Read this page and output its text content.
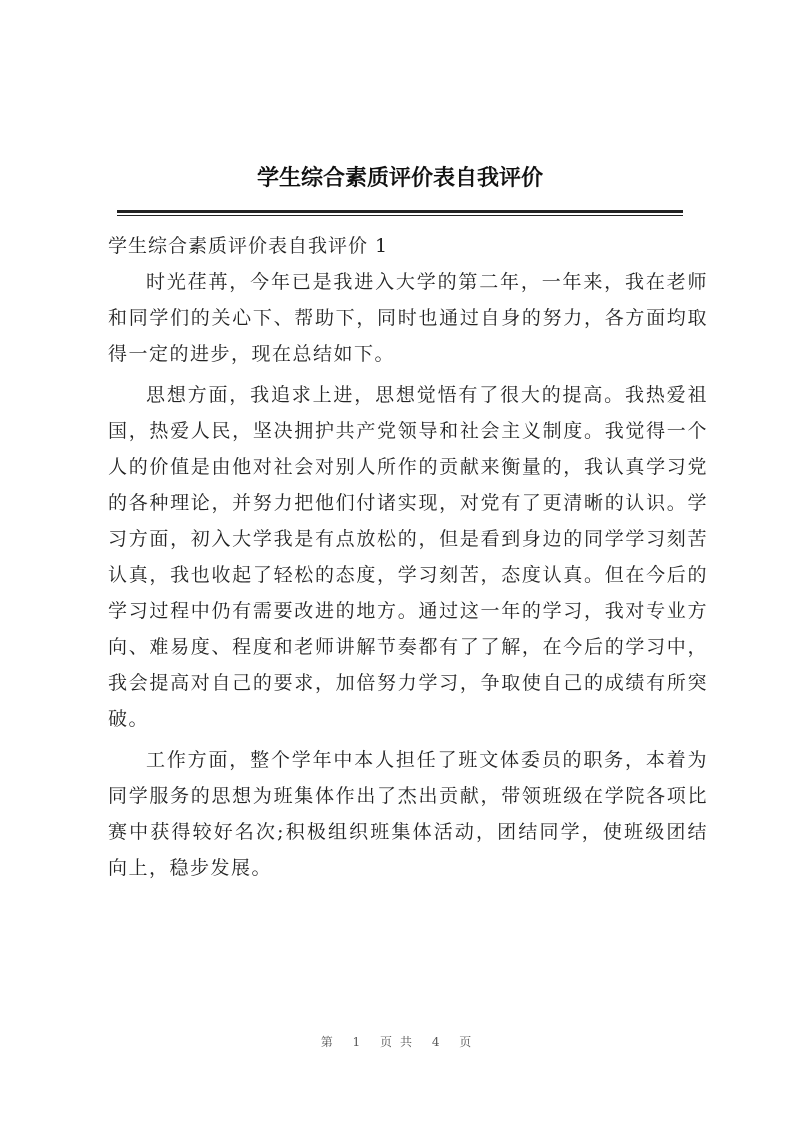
学生综合素质评价表自我评价
学生综合素质评价表自我评价 1

时光荏苒，今年已是我进入大学的第二年，一年来，我在老师和同学们的关心下、帮助下，同时也通过自身的努力，各方面均取得一定的进步，现在总结如下。

思想方面，我追求上进，思想觉悟有了很大的提高。我热爱祖国，热爱人民，坚决拥护共产党领导和社会主义制度。我觉得一个人的价值是由他对社会对别人所作的贡献来衡量的，我认真学习党的各种理论，并努力把他们付诸实现，对党有了更清晰的认识。学习方面，初入大学我是有点放松的，但是看到身边的同学学习刻苦认真，我也收起了轻松的态度，学习刻苦，态度认真。但在今后的学习过程中仍有需要改进的地方。通过这一年的学习，我对专业方向、难易度、程度和老师讲解节奏都有了了解，在今后的学习中，我会提高对自己的要求，加倍努力学习，争取使自己的成绩有所突破。

工作方面，整个学年中本人担任了班文体委员的职务，本着为同学服务的思想为班集体作出了杰出贡献，带领班级在学院各项比赛中获得较好名次;积极组织班集体活动，团结同学，使班级团结向上，稳步发展。

第 1 页共 4 页
